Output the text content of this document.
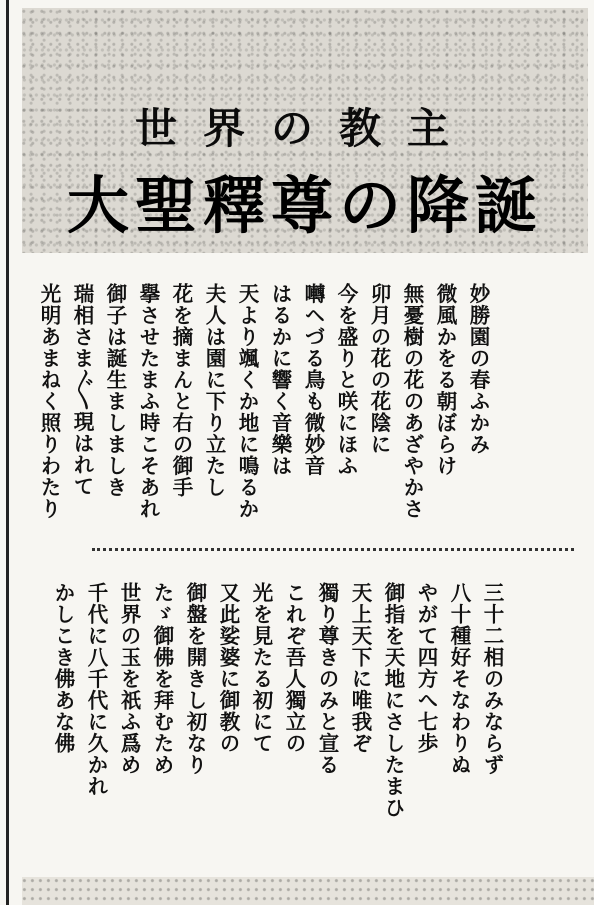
世界の教主
大聖釋尊の降誕
妙勝園の春ふかみ
微風かをる朝ぼらけ
無憂樹の花のあざやかさ
卯月の花の花陰に
今を盛りと咲にほふ
囀ヘづる鳥も微妙音
はるかに響く音樂は
天より颯くか地に鳴るか
夫人は園に下り立たし
花を摘まんと右の御手
擧させたまふ時こそあれ
御子は誕生ましましき
瑞相さま〴〵現はれて
光明あまねく照りわたり
三十二相のみならず
八十種好そなわりぬ
やがて四方へ七歩
御指を天地にさしたまひ
天上天下に唯我ぞ
獨り尊きのみと宣る
これぞ吾人獨立の
光を見たる初にて
又此娑婆に御教の
御盤を開きし初なり
たゞ御佛を拜むため
世界の玉を祇ふ爲め
千代に八千代に久かれ
かしこき佛あな佛
